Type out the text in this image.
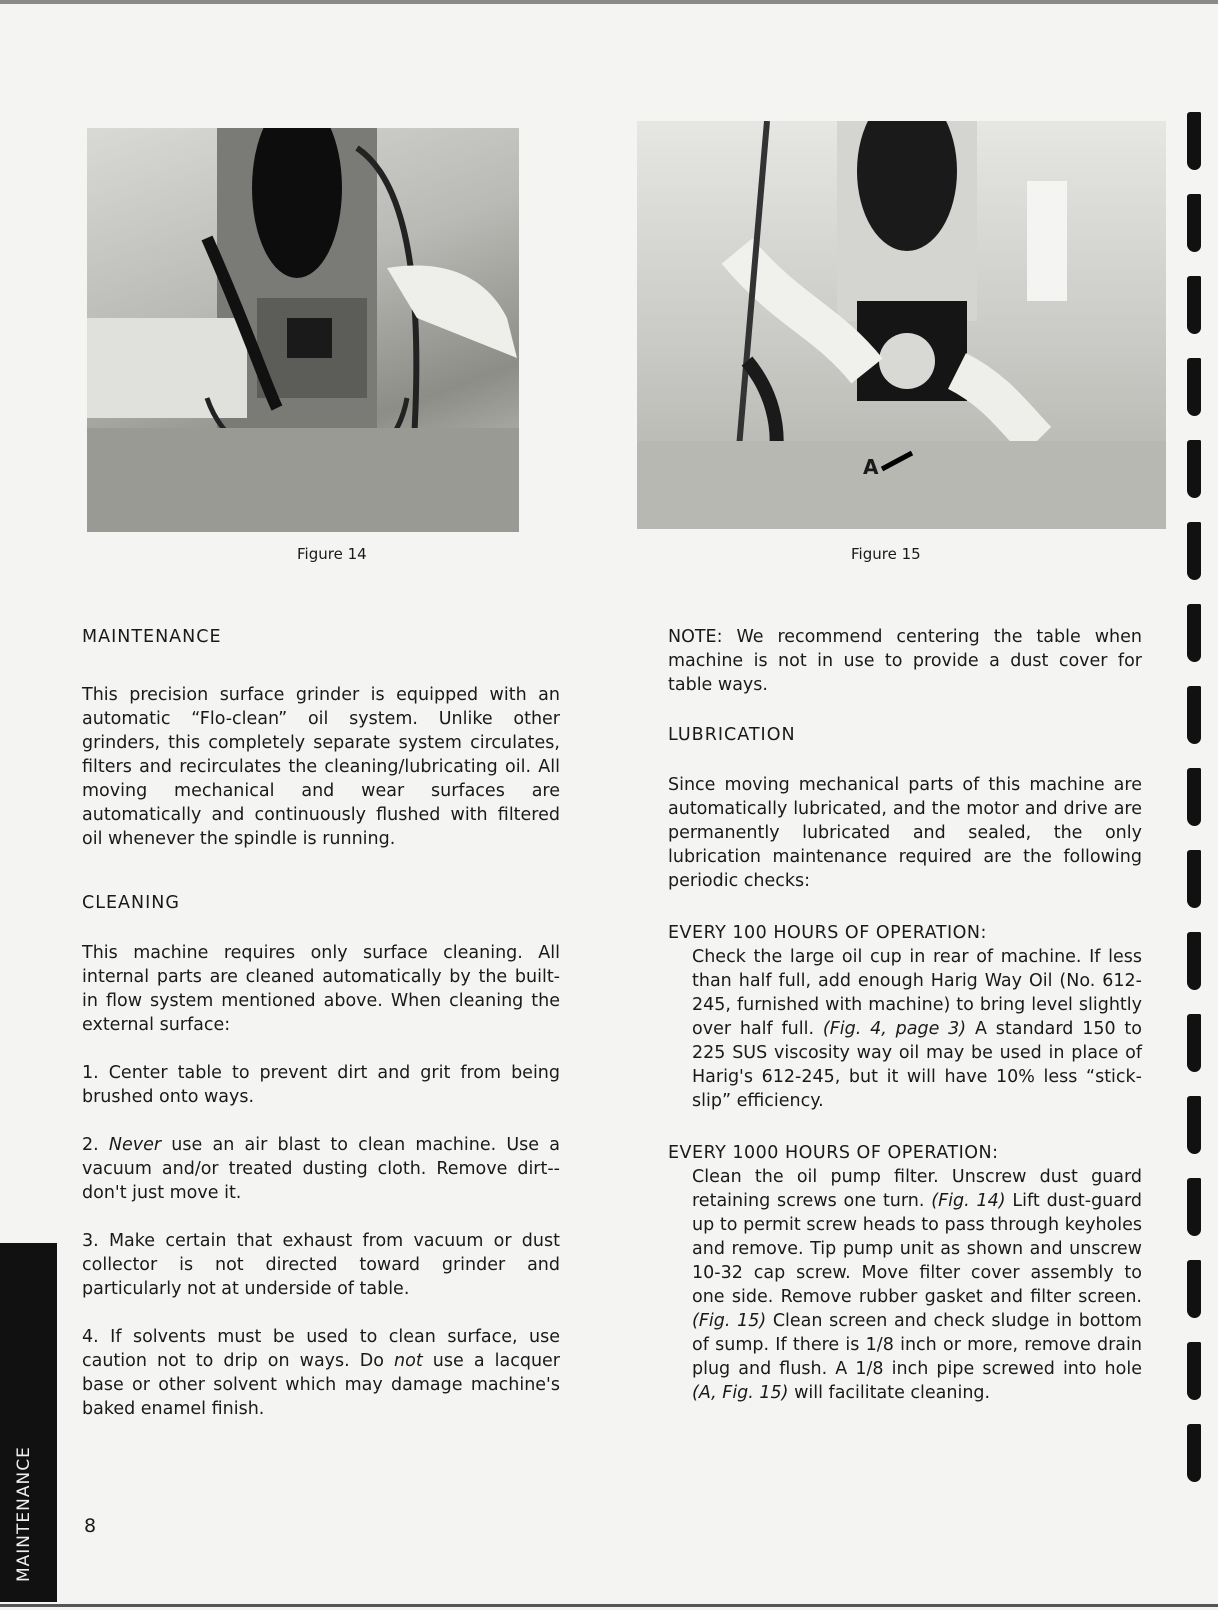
Figure 14
A
Figure 15
MAINTENANCE

This precision surface grinder is equipped with an automatic “Flo-clean” oil system. Unlike other grinders, this completely separate system circulates, filters and recirculates the cleaning/lubricating oil. All moving mechanical and wear surfaces are automatically and continuously flushed with filtered oil whenever the spindle is running.

CLEANING

This machine requires only surface cleaning. All internal parts are cleaned automatically by the built-in flow system mentioned above. When cleaning the external surface:

1. Center table to prevent dirt and grit from being brushed onto ways.

2. Never use an air blast to clean machine. Use a vacuum and/or treated dusting cloth. Remove dirt--don't just move it.

3. Make certain that exhaust from vacuum or dust collector is not directed toward grinder and particularly not at underside of table.

4. If solvents must be used to clean surface, use caution not to drip on ways. Do not use a lacquer base or other solvent which may damage machine's baked enamel finish.

NOTE: We recommend centering the table when machine is not in use to provide a dust cover for table ways.

LUBRICATION

Since moving mechanical parts of this machine are automatically lubricated, and the motor and drive are permanently lubricated and sealed, the only lubrication maintenance required are the following periodic checks:

EVERY 100 HOURS OF OPERATION:

Check the large oil cup in rear of machine. If less than half full, add enough Harig Way Oil (No. 612-245, furnished with machine) to bring level slightly over half full. (Fig. 4, page 3) A standard 150 to 225 SUS viscosity way oil may be used in place of Harig's 612-245, but it will have 10% less “stick-slip” efficiency.

EVERY 1000 HOURS OF OPERATION:

Clean the oil pump filter. Unscrew dust guard retaining screws one turn. (Fig. 14) Lift dust-guard up to permit screw heads to pass through keyholes and remove. Tip pump unit as shown and unscrew 10-32 cap screw. Move filter cover assembly to one side. Remove rubber gasket and filter screen. (Fig. 15) Clean screen and check sludge in bottom of sump. If there is 1/8 inch or more, remove drain plug and flush. A 1/8 inch pipe screwed into hole (A, Fig. 15) will facilitate cleaning.

MAINTENANCE	8
